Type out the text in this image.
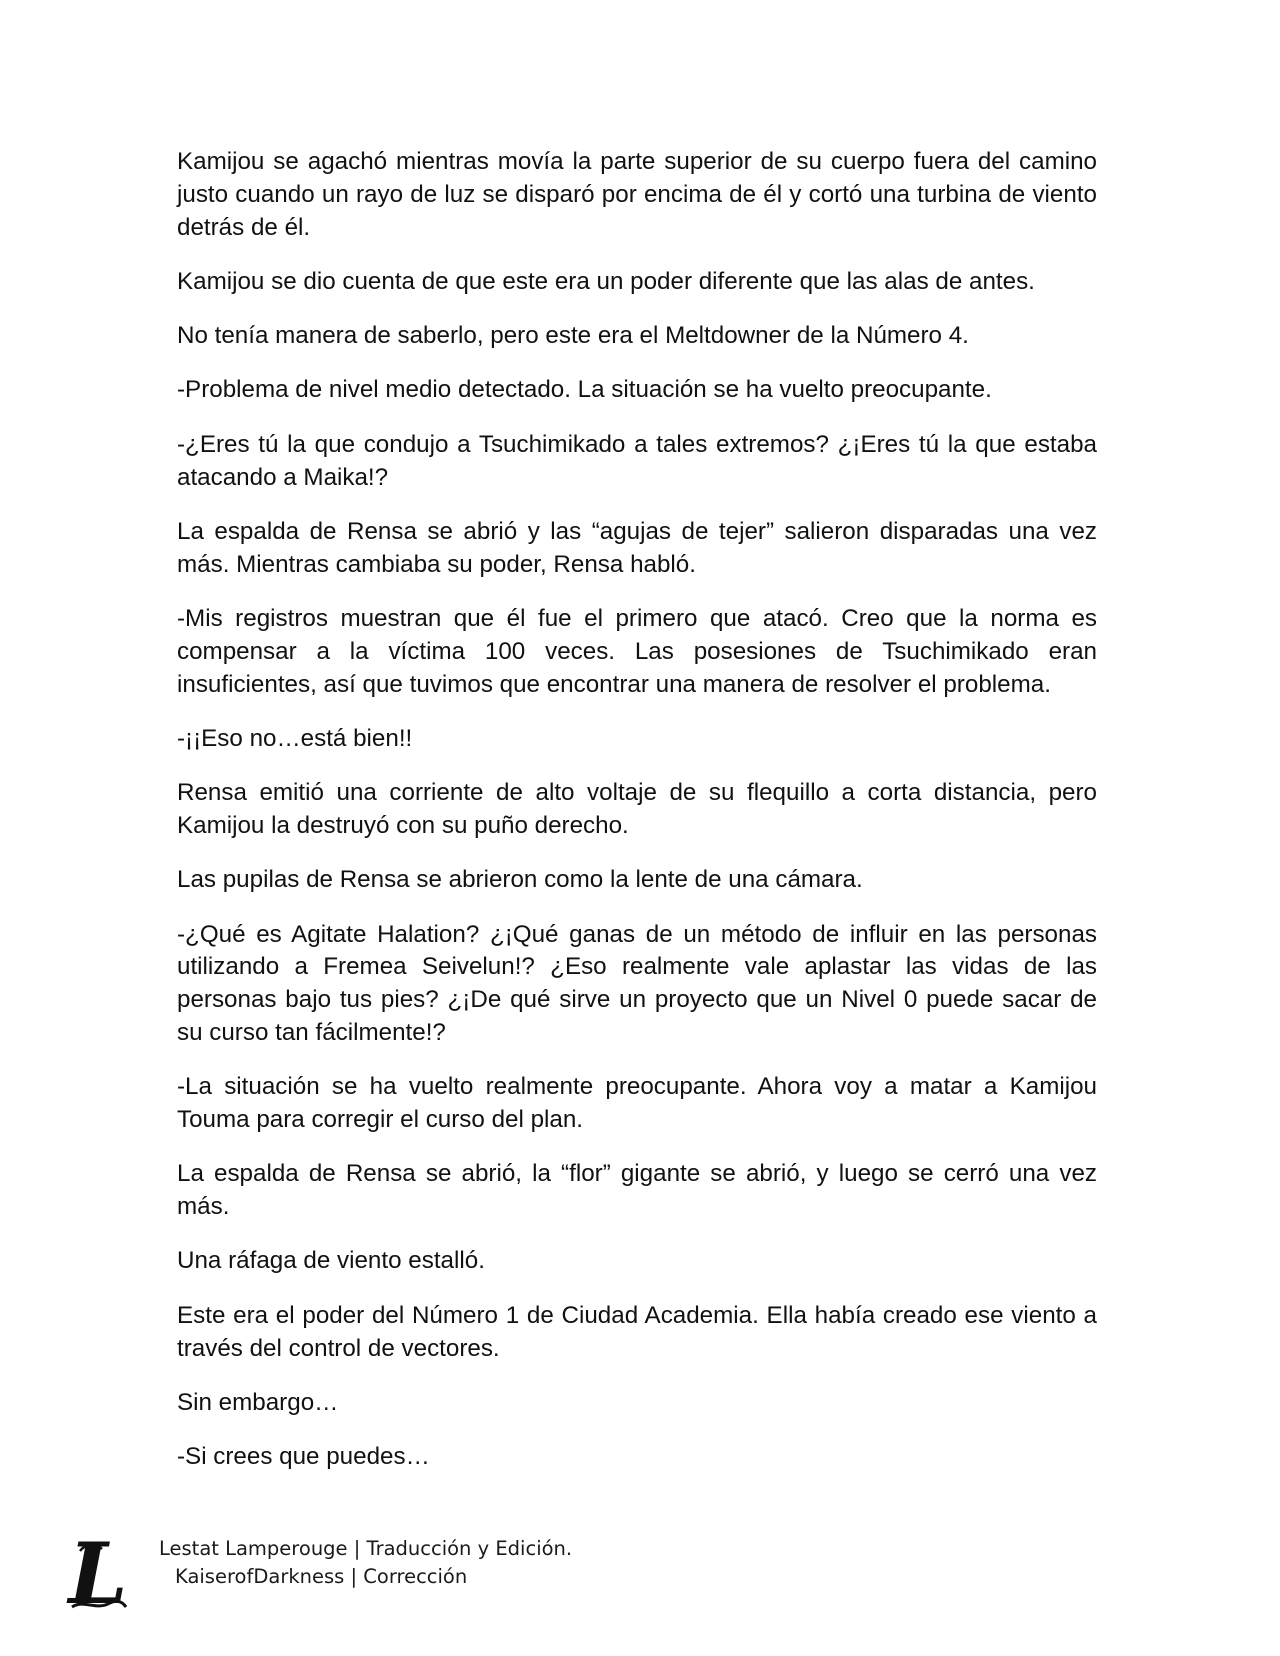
Kamijou se agachó mientras movía la parte superior de su cuerpo fuera del camino justo cuando un rayo de luz se disparó por encima de él y cortó una turbina de viento detrás de él.

Kamijou se dio cuenta de que este era un poder diferente que las alas de antes.

No tenía manera de saberlo, pero este era el Meltdowner de la Número 4.

-Problema de nivel medio detectado. La situación se ha vuelto preocupante.

-¿Eres tú la que condujo a Tsuchimikado a tales extremos? ¿¡Eres tú la que estaba atacando a Maika!?

La espalda de Rensa se abrió y las “agujas de tejer” salieron disparadas una vez más. Mientras cambiaba su poder, Rensa habló.

-Mis registros muestran que él fue el primero que atacó. Creo que la norma es compensar a la víctima 100 veces. Las posesiones de Tsuchimikado eran insuficientes, así que tuvimos que encontrar una manera de resolver el problema.

-¡¡Eso no…está bien!!

Rensa emitió una corriente de alto voltaje de su flequillo a corta distancia, pero Kamijou la destruyó con su puño derecho.

Las pupilas de Rensa se abrieron como la lente de una cámara.

-¿Qué es Agitate Halation? ¿¡Qué ganas de un método de influir en las personas utilizando a Fremea Seivelun!? ¿Eso realmente vale aplastar las vidas de las personas bajo tus pies? ¿¡De qué sirve un proyecto que un Nivel 0 puede sacar de su curso tan fácilmente!?

-La situación se ha vuelto realmente preocupante. Ahora voy a matar a Kamijou Touma para corregir el curso del plan.

La espalda de Rensa se abrió, la “flor” gigante se abrió, y luego se cerró una vez más.

Una ráfaga de viento estalló.

Este era el poder del Número 1 de Ciudad Academia. Ella había creado ese viento a través del control de vectores.

Sin embargo…

-Si crees que puedes…

L Lestat Lamperouge | Traducción y Edición.
KaiserofDarkness | Corrección
